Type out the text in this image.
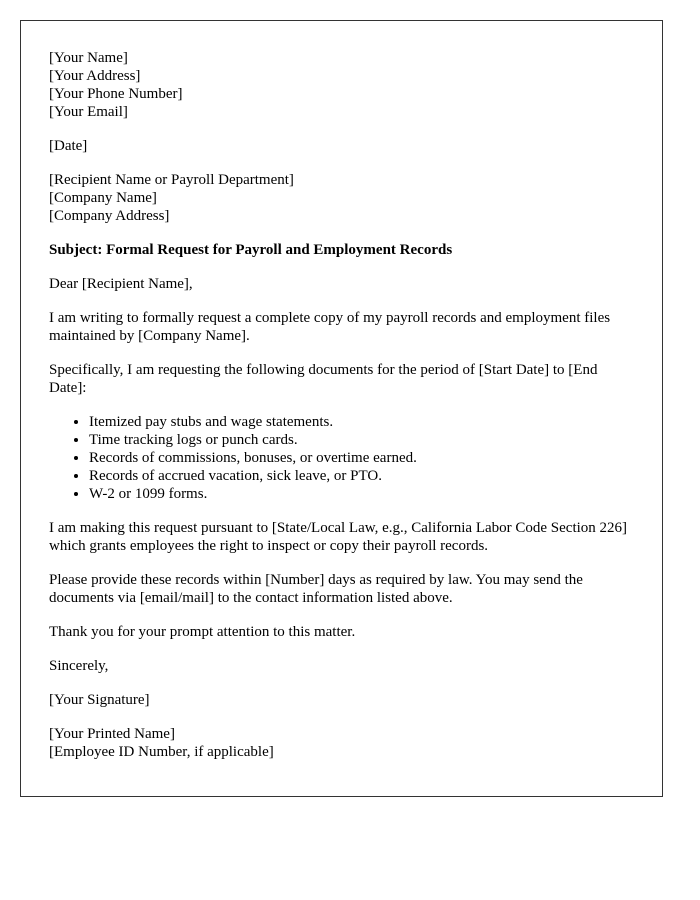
[Your Name]
[Your Address]
[Your Phone Number]
[Your Email]

[Date]

[Recipient Name or Payroll Department]
[Company Name]
[Company Address]

Subject: Formal Request for Payroll and Employment Records

Dear [Recipient Name],

I am writing to formally request a complete copy of my payroll records and employment files maintained by [Company Name].

Specifically, I am requesting the following documents for the period of [Start Date] to [End Date]:

• Itemized pay stubs and wage statements.
• Time tracking logs or punch cards.
• Records of commissions, bonuses, or overtime earned.
• Records of accrued vacation, sick leave, or PTO.
• W-2 or 1099 forms.

I am making this request pursuant to [State/Local Law, e.g., California Labor Code Section 226] which grants employees the right to inspect or copy their payroll records.

Please provide these records within [Number] days as required by law. You may send the documents via [email/mail] to the contact information listed above.

Thank you for your prompt attention to this matter.

Sincerely,

[Your Signature]

[Your Printed Name]
[Employee ID Number, if applicable]
